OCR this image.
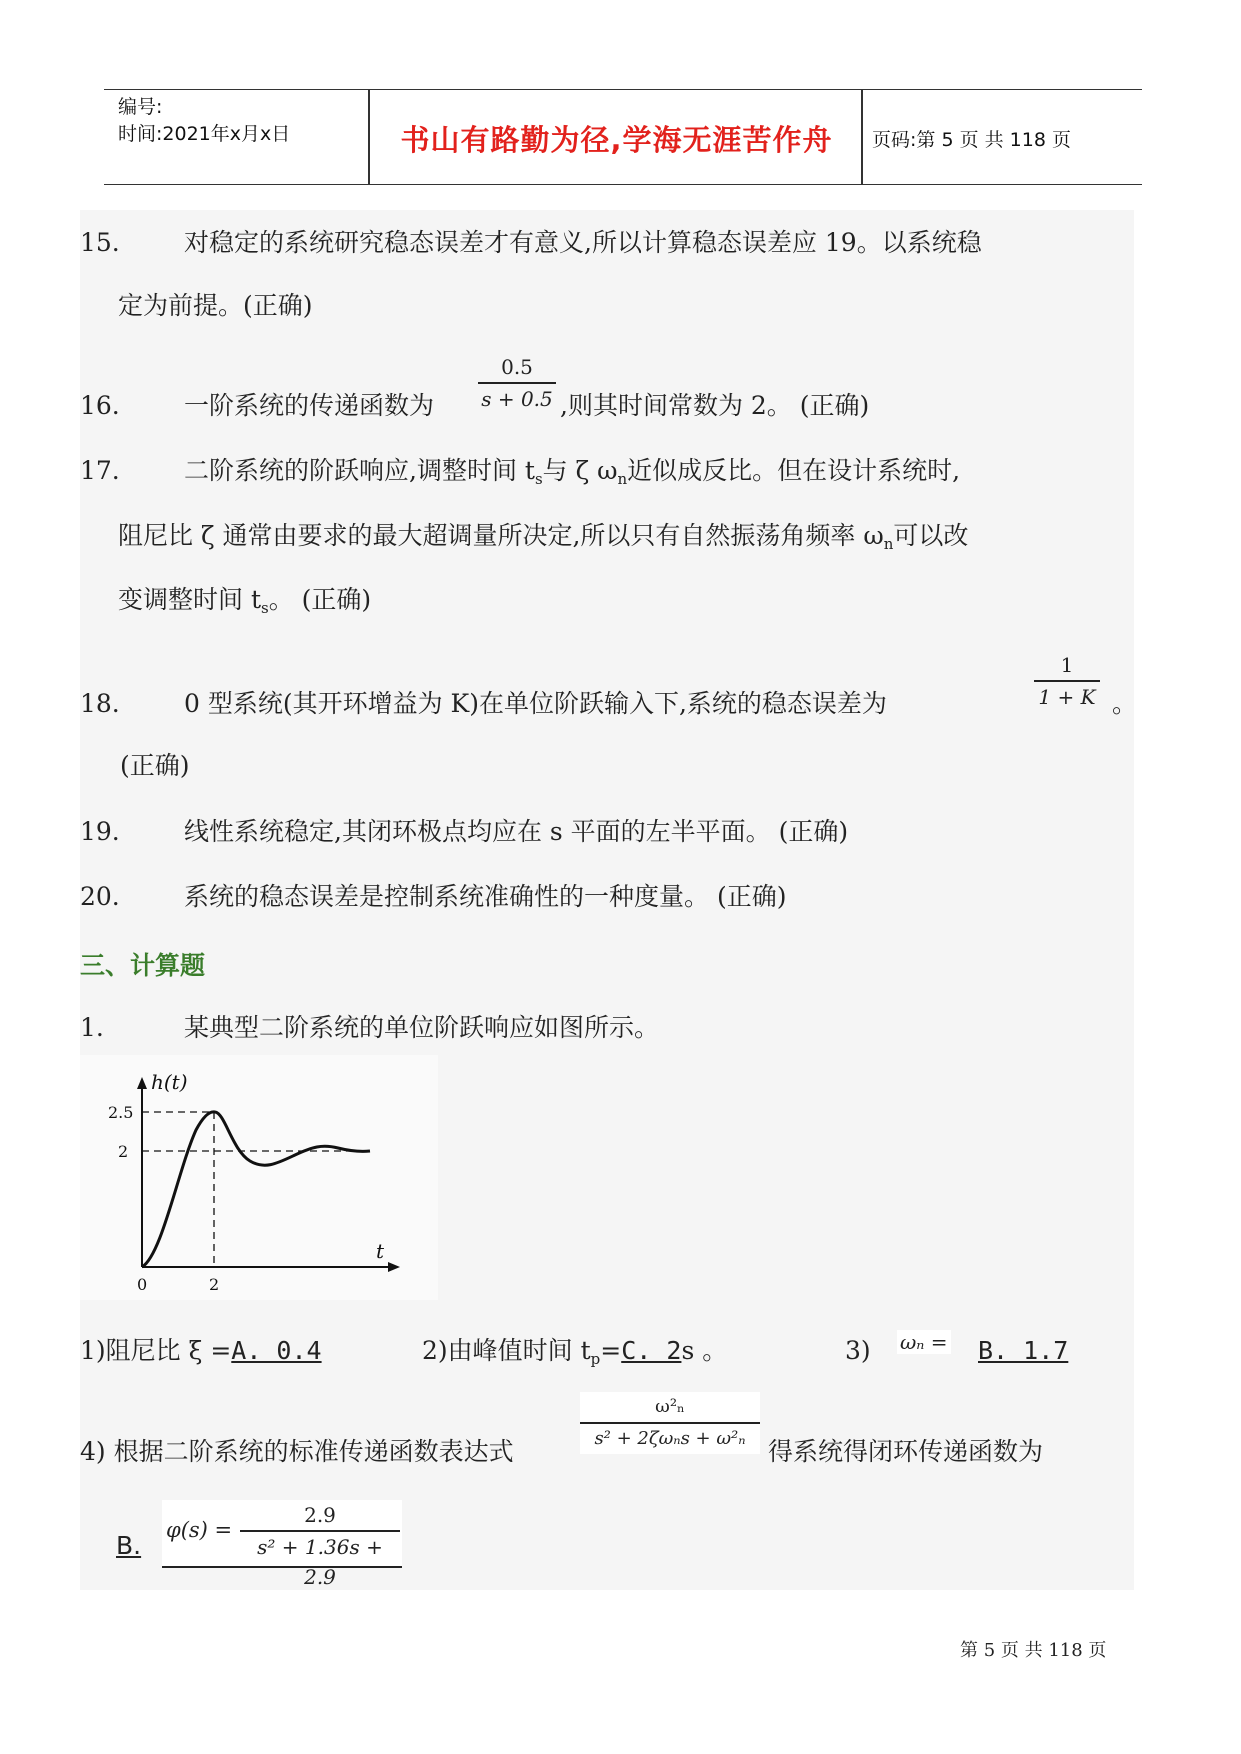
编号:
时间:2021年x月x日	书山有路勤为径,学海无涯苦作舟	页码:第 5 页 共 118 页
15.	对稳定的系统研究稳态误差才有意义,所以计算稳态误差应 19。以系统稳
定为前提。(正确)
16.	一阶系统的传递函数为 $\frac{0.5}{s + 0.5}$ ,则其时间常数为 2。 (正确)
17.	二阶系统的阶跃响应,调整时间 $t_s$与 ζ $\omega_n$近似成反比。但在设计系统时,
阻尼比 ζ 通常由要求的最大超调量所决定,所以只有自然振荡角频率 $\omega_n$可以改
变调整时间 $t_s$。 (正确)
18.	0 型系统(其开环增益为 K)在单位阶跃输入下,系统的稳态误差为	$\frac{1}{1 + K}$ 。
(正确)
19.	线性系统稳定,其闭环极点均应在 s 平面的左半平面。 (正确)
20.	系统的稳态误差是控制系统准确性的一种度量。 (正确)
三、计算题
1.	某典型二阶系统的单位阶跃响应如图所示。
h(t)
t
2.5
2
0	2
1)阻尼比 ξ =A. 0.4	2)由峰值时间 $t_p=C$. 2s 。	3) ωₙ = B. 1.7
4) 根据二阶系统的标准传递函数表达式
ω²ₙ
s² + 2ζωₙs + ω²ₙ 得系统得闭环传递函数为
B.
$\varphi(s) = \frac{2.9}{\text{s² + 1.36s + 2.9}}$
第 5 页 共 118 页
